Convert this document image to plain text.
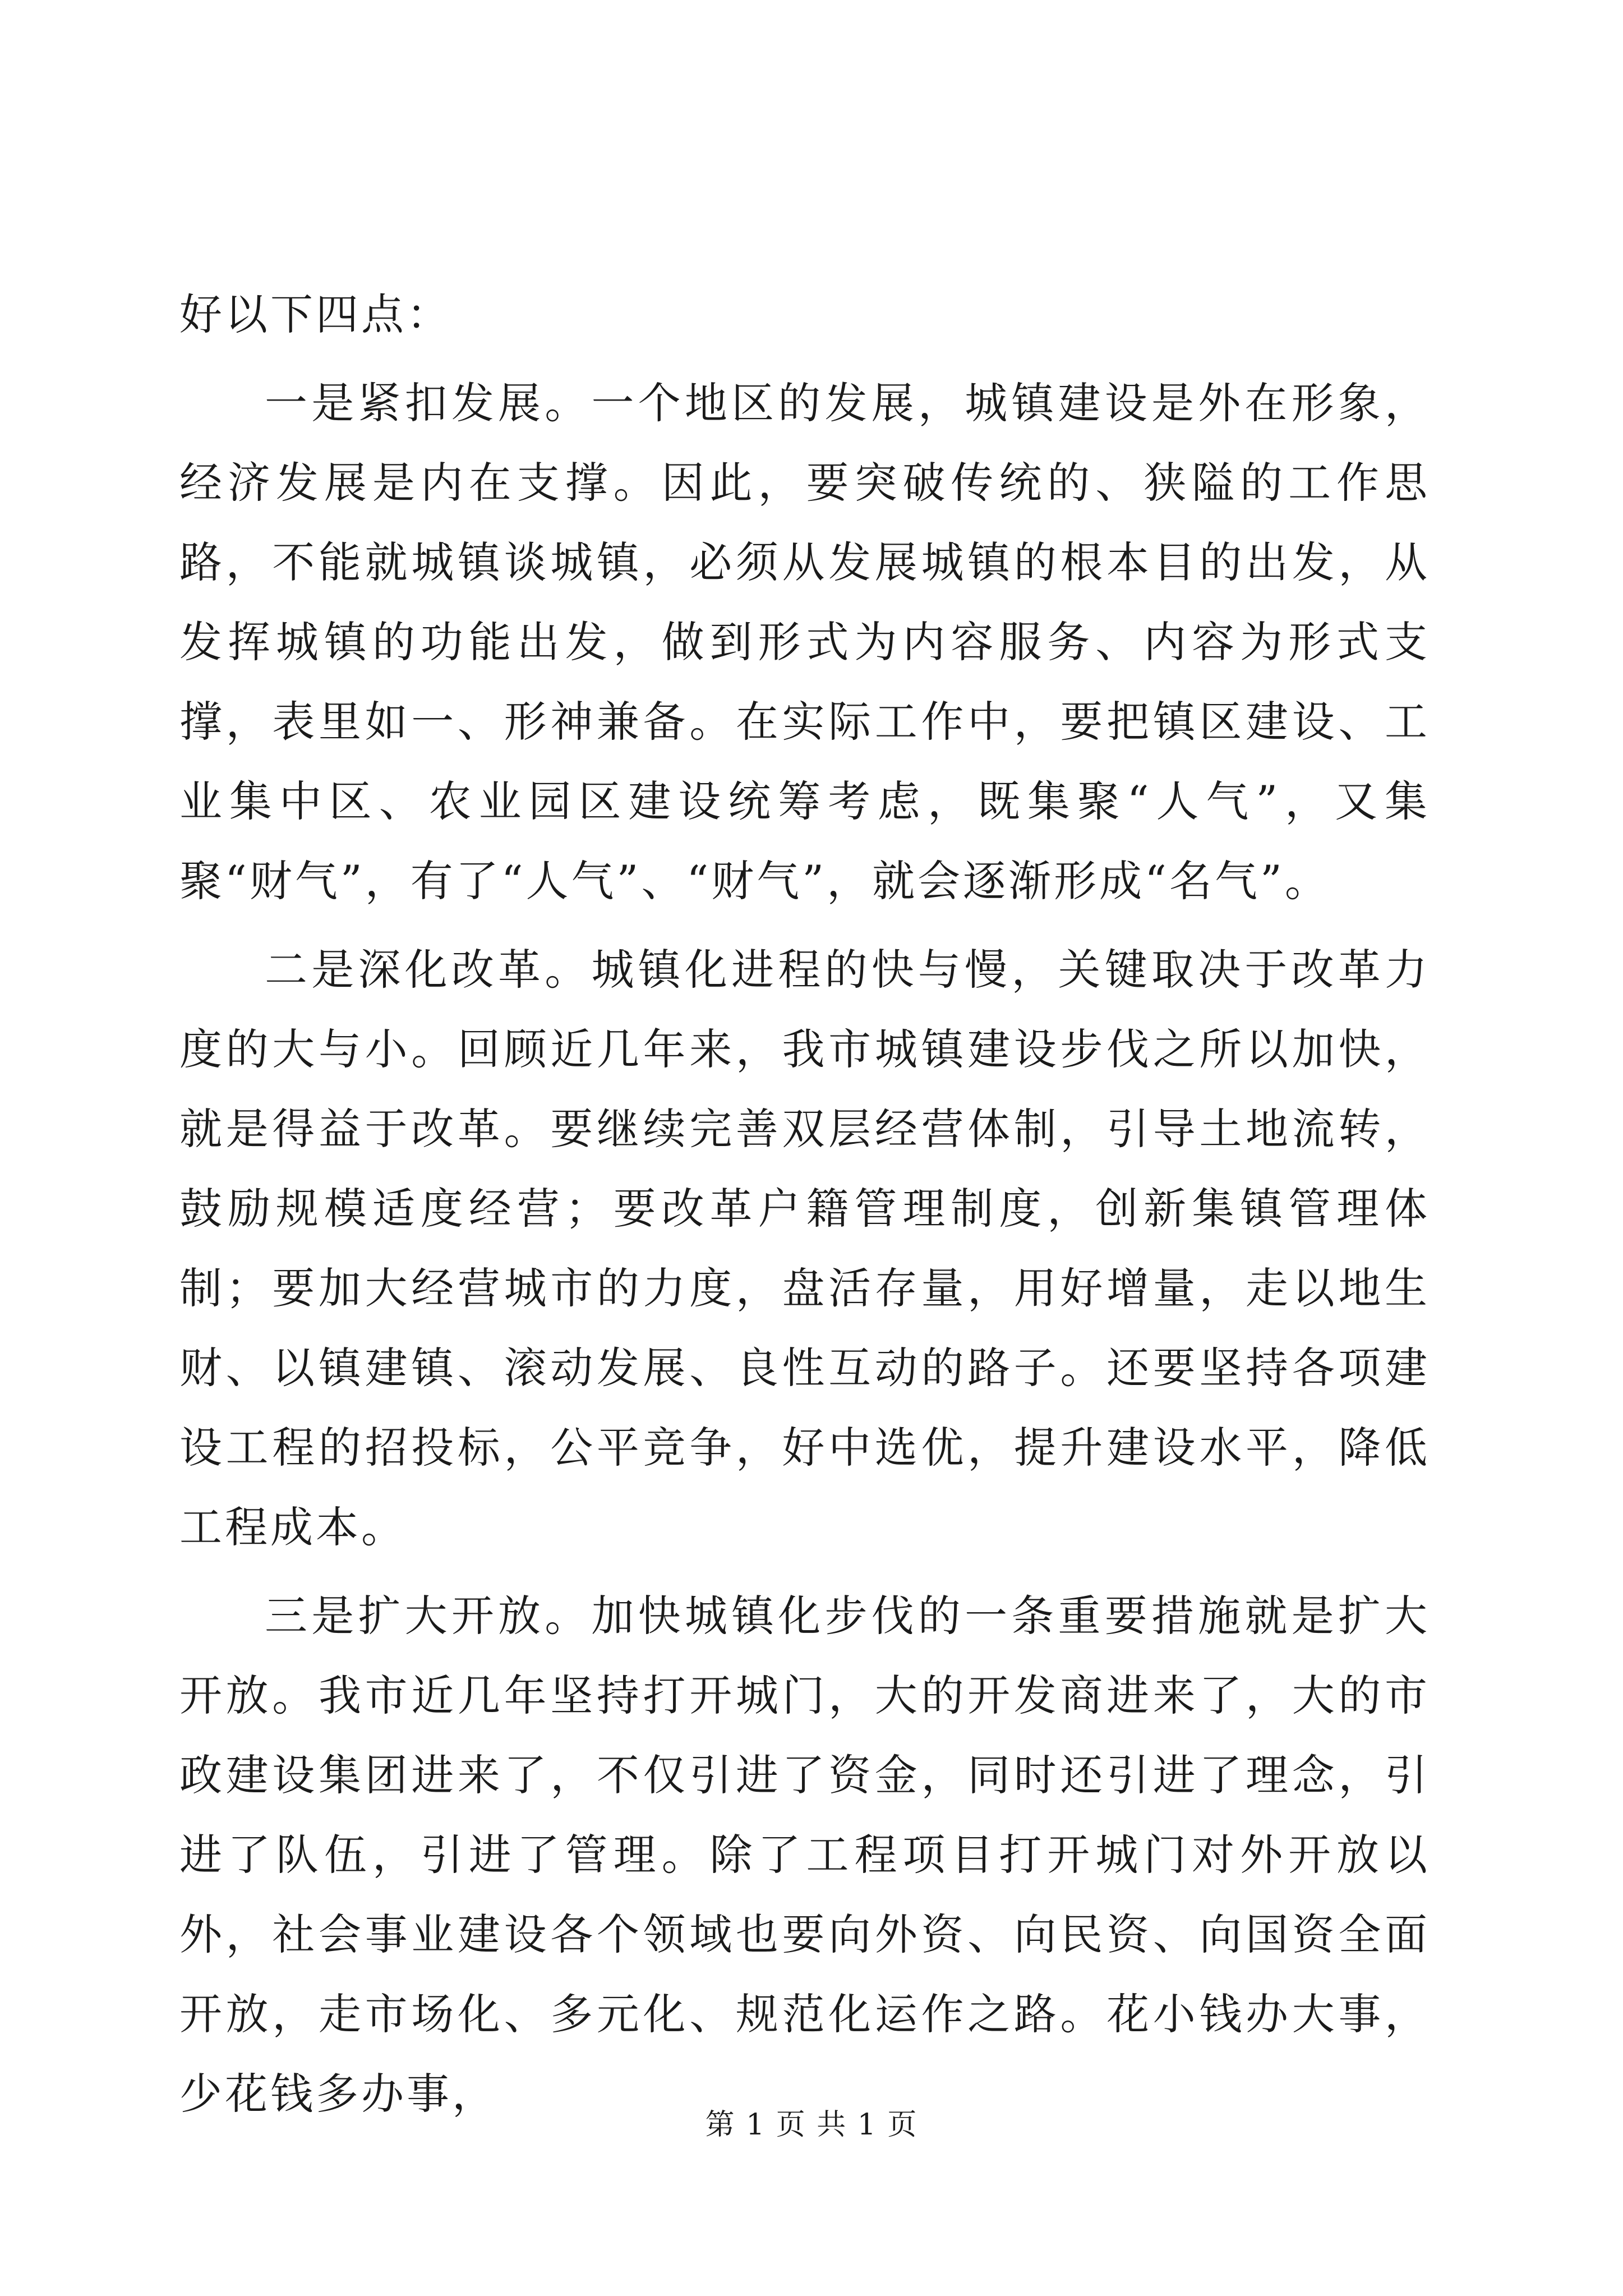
好以下四点：

一是紧扣发展。一个地区的发展，城镇建设是外在形象，经济发展是内在支撑。因此，要突破传统的、狭隘的工作思路，不能就城镇谈城镇，必须从发展城镇的根本目的出发，从发挥城镇的功能出发，做到形式为内容服务、内容为形式支撑，表里如一、形神兼备。在实际工作中，要把镇区建设、工业集中区、农业园区建设统筹考虑，既集聚“人气”，又集聚“财气”，有了“人气”、“财气”，就会逐渐形成“名气”。

二是深化改革。城镇化进程的快与慢，关键取决于改革力度的大与小。回顾近几年来，我市城镇建设步伐之所以加快，就是得益于改革。要继续完善双层经营体制，引导土地流转，鼓励规模适度经营；要改革户籍管理制度，创新集镇管理体制；要加大经营城市的力度，盘活存量，用好增量，走以地生财、以镇建镇、滚动发展、良性互动的路子。还要坚持各项建设工程的招投标，公平竞争，好中选优，提升建设水平，降低工程成本。

三是扩大开放。加快城镇化步伐的一条重要措施就是扩大开放。我市近几年坚持打开城门，大的开发商进来了，大的市政建设集团进来了，不仅引进了资金，同时还引进了理念，引进了队伍，引进了管理。除了工程项目打开城门对外开放以外，社会事业建设各个领域也要向外资、向民资、向国资全面开放，走市场化、多元化、规范化运作之路。花小钱办大事，少花钱多办事，

第 1 页 共 1 页
